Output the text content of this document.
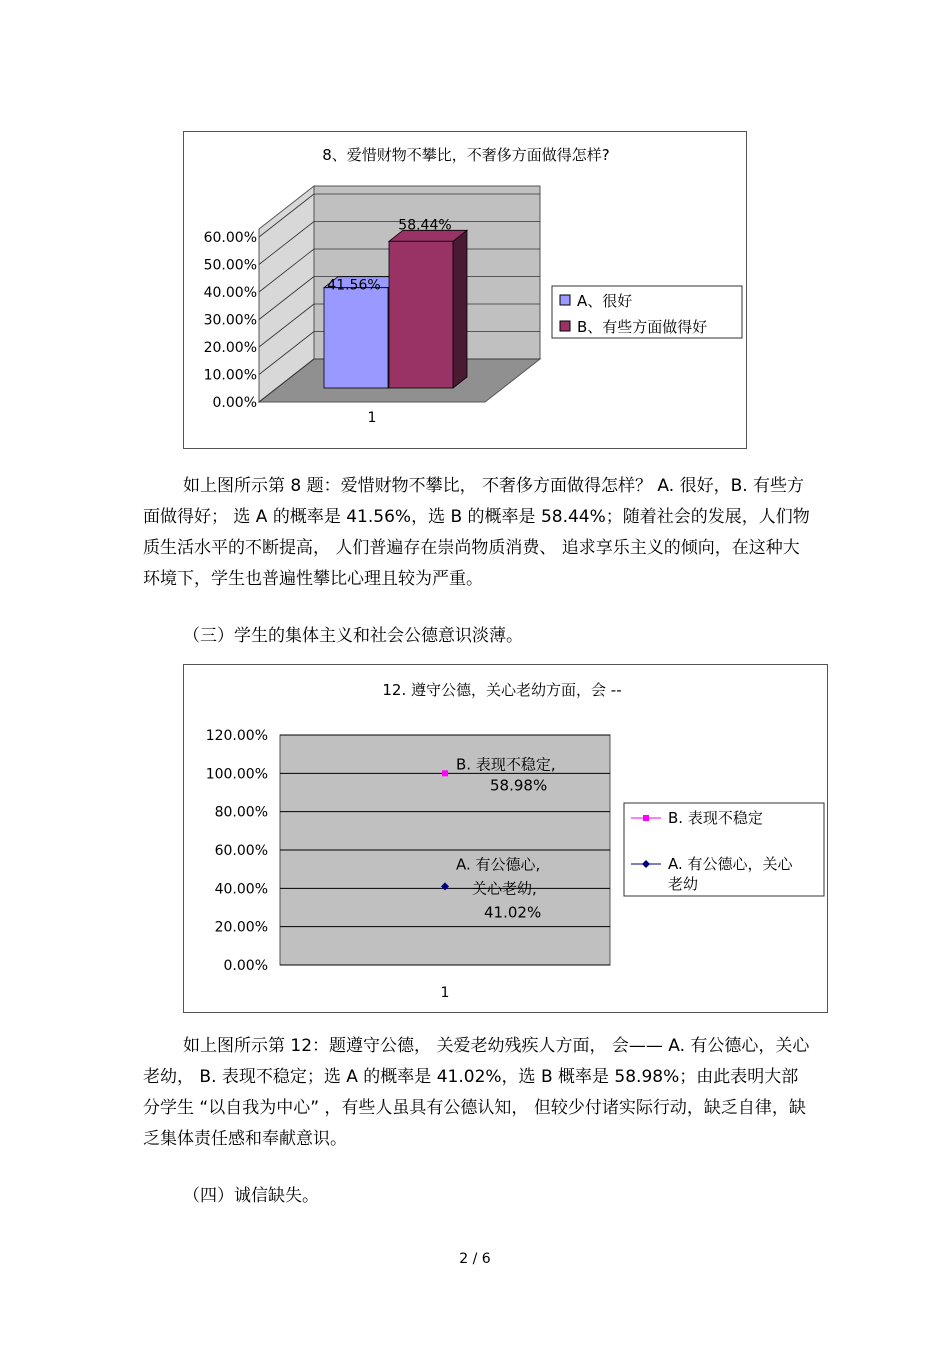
8、爱惜财物不攀比，不奢侈方面做得怎样?
0.00%
10.00%
20.00%
30.00%
40.00%
50.00%
60.00%
41.56%
58.44%
1
A、很好
B、有些方面做得好

如上图所示第 8 题：爱惜财物不攀比， 不奢侈方面做得怎样？ A. 很好，B. 有些方面做得好； 选 A 的概率是 41.56%，选 B 的概率是 58.44%；随着社会的发展，人们物质生活水平的不断提高， 人们普遍存在崇尚物质消费、 追求享乐主义的倾向，在这种大环境下，学生也普遍性攀比心理且较为严重。

（三）学生的集体主义和社会公德意识淡薄。

12. 遵守公德，关心老幼方面，会 --
0.00%
20.00%
40.00%
60.00%
80.00%
100.00%
120.00%
B. 表现不稳定,
58.98%
A. 有公德心,
关心老幼,
41.02%
1
B. 表现不稳定
A. 有公德心，关心
老幼

如上图所示第 12：题遵守公德， 关爱老幼残疾人方面， 会—— A. 有公德心，关心老幼， B. 表现不稳定；选 A 的概率是 41.02%，选 B 概率是 58.98%；由此表明大部分学生 “以自我为中心” ，有些人虽具有公德认知， 但较少付诸实际行动，缺乏自律，缺乏集体责任感和奉献意识。

（四）诚信缺失。

2 / 6
